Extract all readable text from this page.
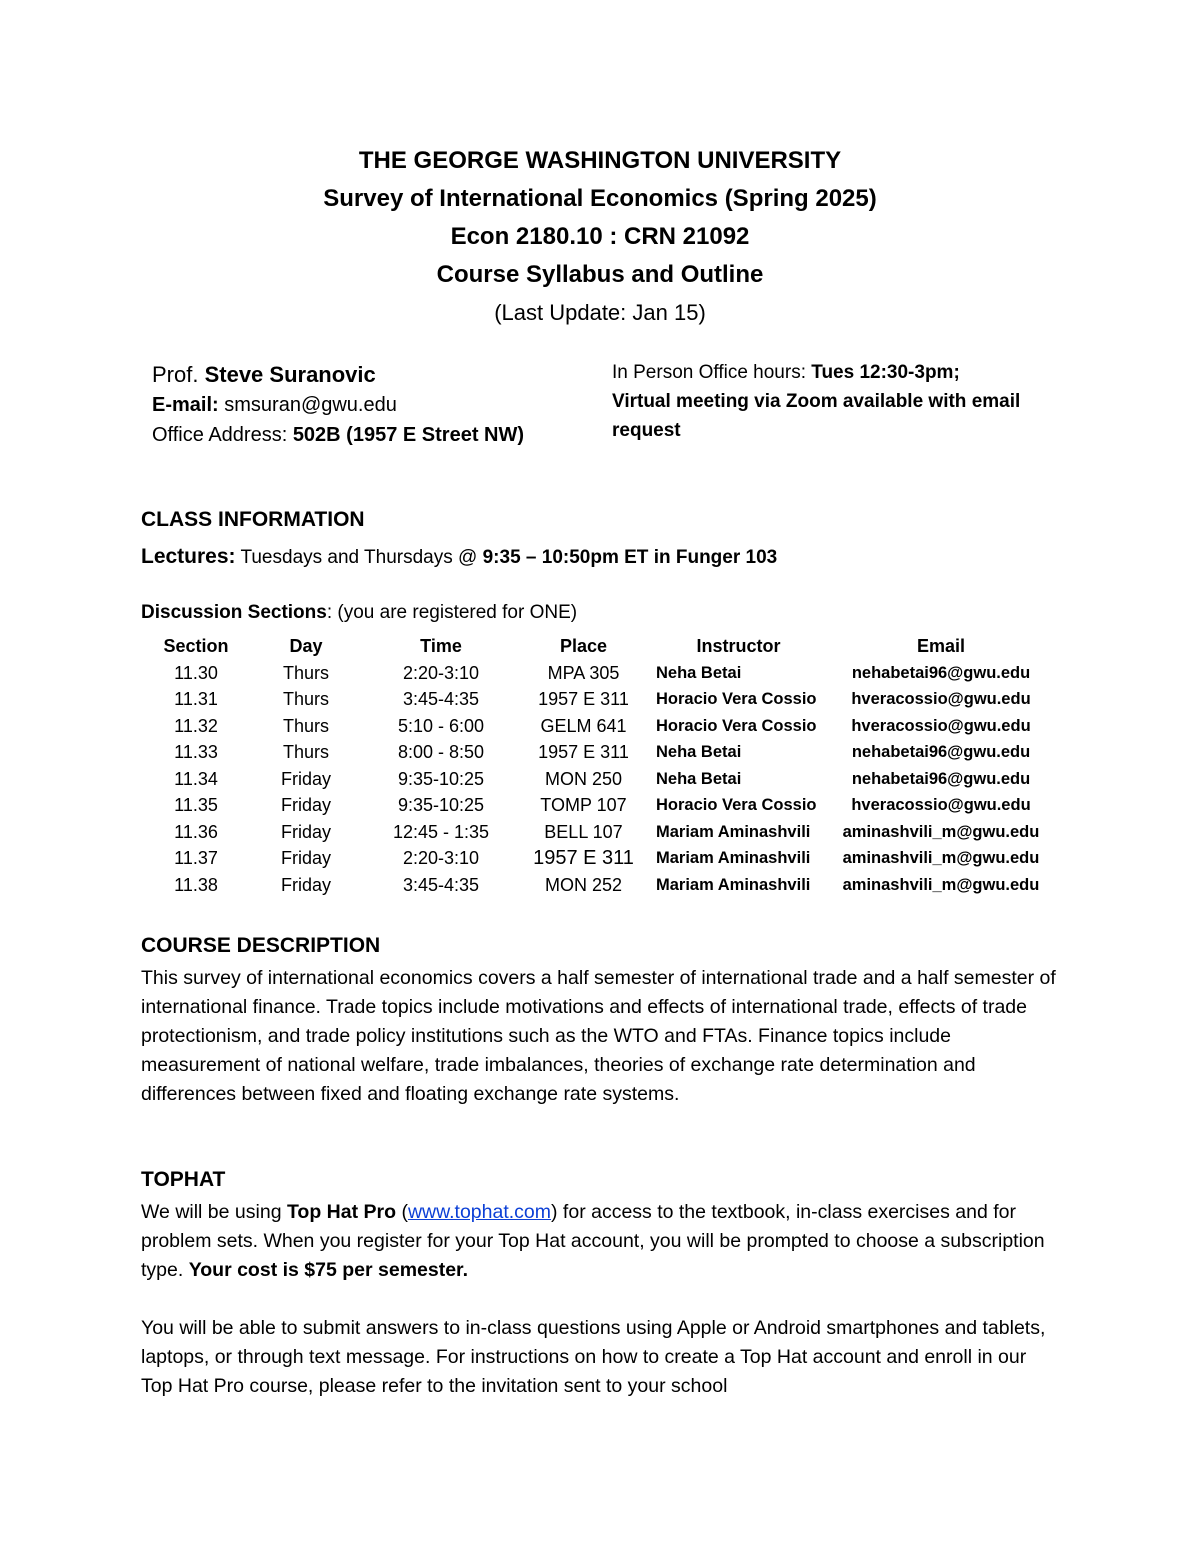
THE GEORGE WASHINGTON UNIVERSITY
Survey of International Economics (Spring 2025)
Econ 2180.10 : CRN 21092
Course Syllabus and Outline
(Last Update: Jan 15)
Prof. Steve Suranovic
E-mail: smsuran@gwu.edu
Office Address: 502B (1957 E Street NW)
In Person Office hours: Tues 12:30-3pm;
Virtual meeting via Zoom available with email request
CLASS INFORMATION
Lectures: Tuesdays and Thursdays @ 9:35 – 10:50pm ET in Funger 103
Discussion Sections: (you are registered for ONE)
Section	Day	Time	Place	Instructor	Email
11.30	Thurs	2:20-3:10	MPA 305	Neha Betai	nehabetai96@gwu.edu
11.31	Thurs	3:45-4:35	1957 E 311	Horacio Vera Cossio	hveracossio@gwu.edu
11.32	Thurs	5:10 - 6:00	GELM 641	Horacio Vera Cossio	hveracossio@gwu.edu
11.33	Thurs	8:00 - 8:50	1957 E 311	Neha Betai	nehabetai96@gwu.edu
11.34	Friday	9:35-10:25	MON 250	Neha Betai	nehabetai96@gwu.edu
11.35	Friday	9:35-10:25	TOMP 107	Horacio Vera Cossio	hveracossio@gwu.edu
11.36	Friday	12:45 - 1:35	BELL 107	Mariam Aminashvili	aminashvili_m@gwu.edu
11.37	Friday	2:20-3:10	1957 E 311	Mariam Aminashvili	aminashvili_m@gwu.edu
11.38	Friday	3:45-4:35	MON 252	Mariam Aminashvili	aminashvili_m@gwu.edu
COURSE DESCRIPTION
This survey of international economics covers a half semester of international trade and a half semester of international finance. Trade topics include motivations and effects of international trade, effects of trade protectionism, and trade policy institutions such as the WTO and FTAs. Finance topics include measurement of national welfare, trade imbalances, theories of exchange rate determination and differences between fixed and floating exchange rate systems.
TOPHAT
We will be using Top Hat Pro (www.tophat.com) for access to the textbook, in-class exercises and for problem sets. When you register for your Top Hat account, you will be prompted to choose a subscription type. Your cost is $75 per semester.
You will be able to submit answers to in-class questions using Apple or Android smartphones and tablets, laptops, or through text message. For instructions on how to create a Top Hat account and enroll in our Top Hat Pro course, please refer to the invitation sent to your school
